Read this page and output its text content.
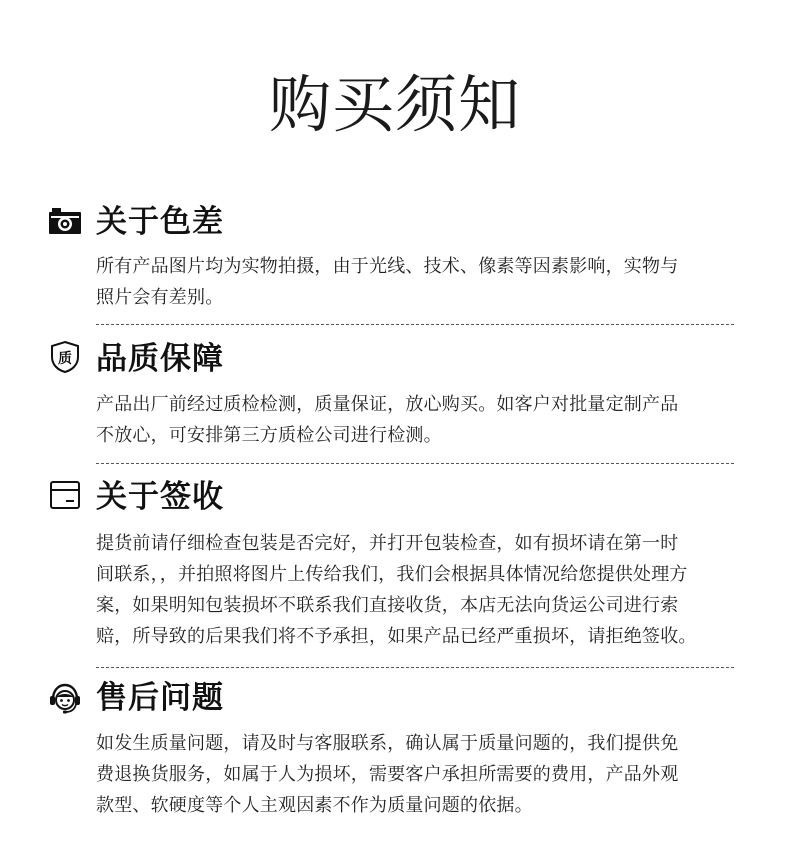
购买须知
关于色差
所有产品图片均为实物拍摄，由于光线、技术、像素等因素影响，实物与
照片会有差别。
质 品质保障
产品出厂前经过质检检测，质量保证，放心购买。如客户对批量定制产品
不放心，可安排第三方质检公司进行检测。
关于签收
提货前请仔细检查包装是否完好，并打开包装检查，如有损坏请在第一时
间联系，，并拍照将图片上传给我们，我们会根据具体情况给您提供处理方
案，如果明知包装损坏不联系我们直接收货，本店无法向货运公司进行索
赔，所导致的后果我们将不予承担，如果产品已经严重损坏，请拒绝签收。
售后问题
如发生质量问题，请及时与客服联系，确认属于质量问题的，我们提供免
费退换货服务，如属于人为损坏，需要客户承担所需要的费用，产品外观
款型、软硬度等个人主观因素不作为质量问题的依据。
